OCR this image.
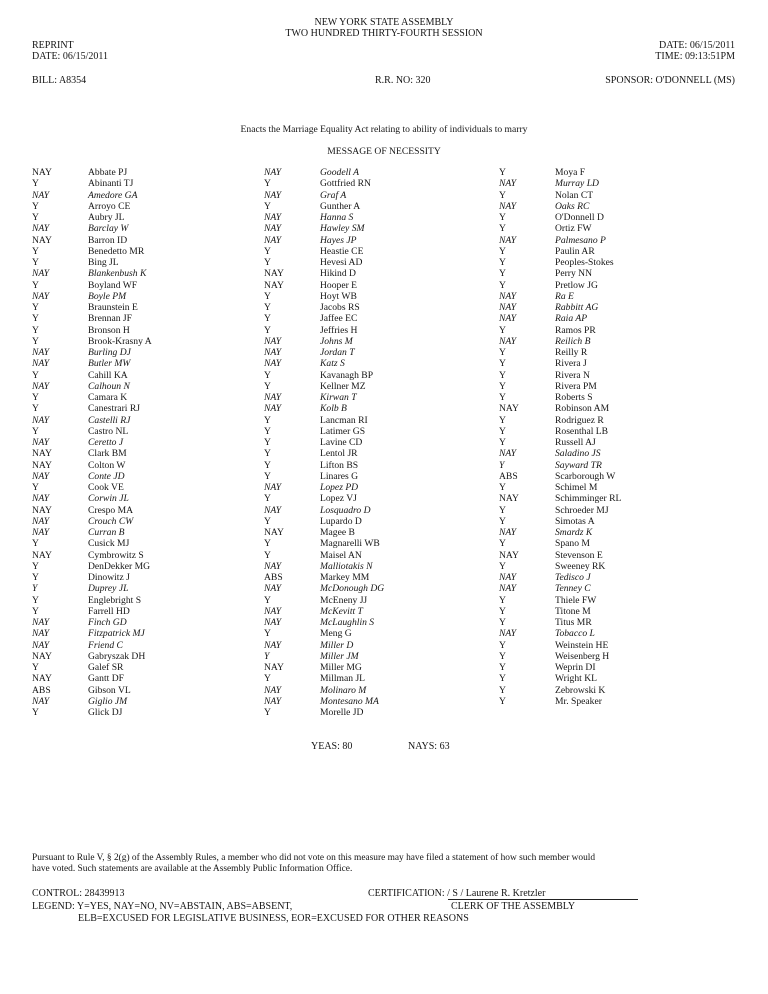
NEW YORK STATE ASSEMBLY
TWO HUNDRED THIRTY-FOURTH SESSION
REPRINT
DATE: 06/15/2011
DATE: 06/15/2011
TIME: 09:13:51PM
BILL: A8354	R.R. NO: 320	SPONSOR: O'DONNELL (MS)
Enacts the Marriage Equality Act relating to ability of individuals to marry
MESSAGE OF NECESSITY
NAY	Abbate PJ
Y	Abinanti TJ
NAY	Amedore GA
Y	Arroyo CE
Y	Aubry JL
NAY	Barclay W
NAY	Barron ID
Y	Benedetto MR
Y	Bing JL
NAY	Blankenbush K
Y	Boyland WF
NAY	Boyle PM
Y	Braunstein E
Y	Brennan JF
Y	Bronson H
Y	Brook-Krasny A
NAY	Burling DJ
NAY	Butler MW
Y	Cahill KA
NAY	Calhoun N
Y	Camara K
Y	Canestrari RJ
NAY	Castelli RJ
Y	Castro NL
NAY	Ceretto J
NAY	Clark BM
NAY	Colton W
NAY	Conte JD
Y	Cook VE
NAY	Corwin JL
NAY	Crespo MA
NAY	Crouch CW
NAY	Curran B
Y	Cusick MJ
NAY	Cymbrowitz S
Y	DenDekker MG
Y	Dinowitz J
Y	Duprey JL
Y	Englebright S
Y	Farrell HD
NAY	Finch GD
NAY	Fitzpatrick MJ
NAY	Friend C
NAY	Gabryszak DH
Y	Galef SR
NAY	Gantt DF
ABS	Gibson VL
NAY	Giglio JM
Y	Glick DJ
NAY	Goodell A
Y	Gottfried RN
NAY	Graf A
Y	Gunther A
NAY	Hanna S
NAY	Hawley SM
NAY	Hayes JP
Y	Heastie CE
Y	Hevesi AD
NAY	Hikind D
NAY	Hooper E
Y	Hoyt WB
Y	Jacobs RS
Y	Jaffee EC
Y	Jeffries H
NAY	Johns M
NAY	Jordan T
NAY	Katz S
Y	Kavanagh BP
Y	Kellner MZ
NAY	Kirwan T
NAY	Kolb B
Y	Lancman RI
Y	Latimer GS
Y	Lavine CD
Y	Lentol JR
Y	Lifton BS
Y	Linares G
NAY	Lopez PD
Y	Lopez VJ
NAY	Losquadro D
Y	Lupardo D
NAY	Magee B
Y	Magnarelli WB
Y	Maisel AN
NAY	Malliotakis N
ABS	Markey MM
NAY	McDonough DG
Y	McEneny JJ
NAY	McKevitt T
NAY	McLaughlin S
Y	Meng G
NAY	Miller D
Y	Miller JM
NAY	Miller MG
Y	Millman JL
NAY	Molinaro M
NAY	Montesano MA
Y	Morelle JD
Y	Moya F
NAY	Murray LD
Y	Nolan CT
NAY	Oaks RC
Y	O'Donnell D
Y	Ortiz FW
NAY	Palmesano P
Y	Paulin AR
Y	Peoples-Stokes
Y	Perry NN
Y	Pretlow JG
NAY	Ra E
NAY	Rabbitt AG
NAY	Raia AP
Y	Ramos PR
NAY	Reilich B
Y	Reilly R
Y	Rivera J
Y	Rivera N
Y	Rivera PM
Y	Roberts S
NAY	Robinson AM
Y	Rodriguez R
Y	Rosenthal LB
Y	Russell AJ
NAY	Saladino JS
Y	Sayward TR
ABS	Scarborough W
Y	Schimel M
NAY	Schimminger RL
Y	Schroeder MJ
Y	Simotas A
NAY	Smardz K
Y	Spano M
NAY	Stevenson E
Y	Sweeney RK
NAY	Tedisco J
NAY	Tenney C
Y	Thiele FW
Y	Titone M
Y	Titus MR
NAY	Tobacco L
Y	Weinstein HE
Y	Weisenberg H
Y	Weprin DI
Y	Wright KL
Y	Zebrowski K
Y	Mr. Speaker
YEAS: 80	NAYS: 63
Pursuant to Rule V, § 2(g) of the Assembly Rules, a member who did not vote on this measure may have filed a statement of how such member would
have voted. Such statements are available at the Assembly Public Information Office.
CONTROL: 28439913	CERTIFICATION: / S / Laurene R. Kretzler
CLERK OF THE ASSEMBLY
LEGEND: Y=YES, NAY=NO, NV=ABSTAIN, ABS=ABSENT,
ELB=EXCUSED FOR LEGISLATIVE BUSINESS, EOR=EXCUSED FOR OTHER REASONS
